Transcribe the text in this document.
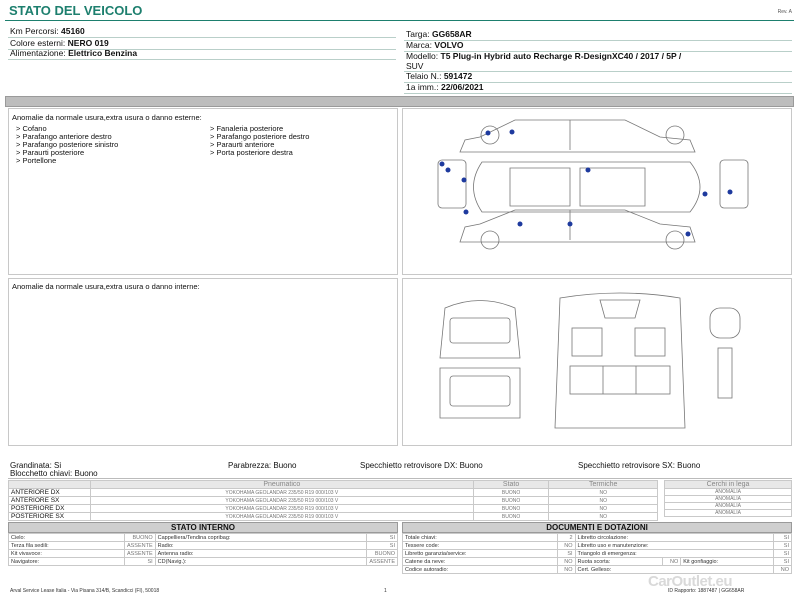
STATO DEL VEICOLO	Rev. A
Km Percorsi: 45160
Colore esterni: NERO 019
Alimentazione: Elettrico Benzina
Targa: GG658AR
Marca: VOLVO
Modello: T5 Plug-in Hybrid auto Recharge R-DesignXC40 / 2017 / 5P /
SUV
Telaio N.: 591472
1a imm.: 22/06/2021
Anomalie da normale usura,extra usura o danno esterne:
> Cofano
> Parafango anteriore destro
> Parafango posteriore sinistro
> Paraurti posteriore
> Portellone
> Fanaleria posteriore
> Parafango posteriore destro
> Paraurti anteriore
> Porta posteriore destra
Anomalie da normale usura,extra usura o danno interne:
Grandinata: Si
Blocchetto chiavi: Buono
Parabrezza: Buono	Specchietto retrovisore DX: Buono	Specchietto retrovisore SX: Buono
	Pneumatico	Stato	Termiche
ANTERIORE DX	YOKOHAMA GEOLANDAR 235/50 R19 000/103 V	BUONO	NO
ANTERIORE SX	YOKOHAMA GEOLANDAR 235/50 R19 000/103 V	BUONO	NO
POSTERIORE DX	YOKOHAMA GEOLANDAR 235/50 R19 000/103 V	BUONO	NO
POSTERIORE SX	YOKOHAMA GEOLANDAR 235/50 R19 000/103 V	BUONO	NO
Cerchi in lega
ANOMALIA
ANOMALIA
ANOMALIA
ANOMALIA
STATO INTERNO
Cielo:	BUONO	Cappelliera/Tendina copribag:	SI
Terza fila sedili:	ASSENTE	Radio:	SI
Kit vivavoce:	ASSENTE	Antenna radio:	BUONO
Navigatore:	SI	CD(Navig.):	ASSENTE
DOCUMENTI E DOTAZIONI
Totale chiavi:	2	Libretto circolazione:			SI
Tessere code:	NO	Libretto uso e manutenzione:			SI
Libretto garanzia/service:	SI	Triangolo di emergenza:			SI
Catene da neve:	NO	Ruota scorta:	NO	Kit gonfiaggio:	SI
Codice autoradio:	NO	Cert. Gelleso:			NO
Arval Service Lease Italia - Via Pisana 314/B, Scandicci (FI), 50018	1	ID Rapporto: 1887487 | GG658AR
CarOutlet.eu
